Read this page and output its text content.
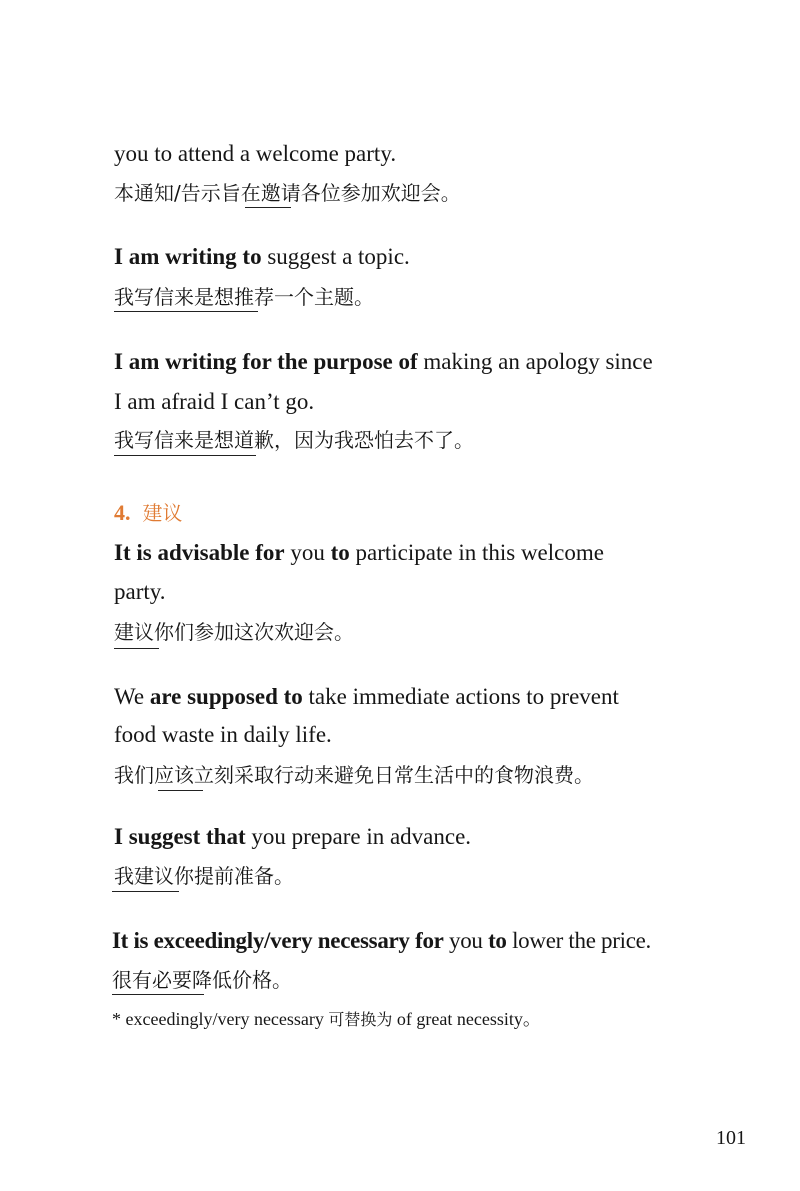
you to attend a welcome party.
本通知/告示旨在邀请各位参加欢迎会。
I am writing to suggest a topic.
我写信来是想推荐一个主题。
I am writing for the purpose of making an apology since
I am afraid I can’t go.
我写信来是想道歉，因为我恐怕去不了。
4. 建议
It is advisable for you to participate in this welcome
party.
建议你们参加这次欢迎会。
We are supposed to take immediate actions to prevent
food waste in daily life.
我们应该立刻采取行动来避免日常生活中的食物浪费。
I suggest that you prepare in advance.
我建议你提前准备。
It is exceedingly/very necessary for you to lower the price.
很有必要降低价格。
* exceedingly/very necessary 可替换为 of great necessity。
101
